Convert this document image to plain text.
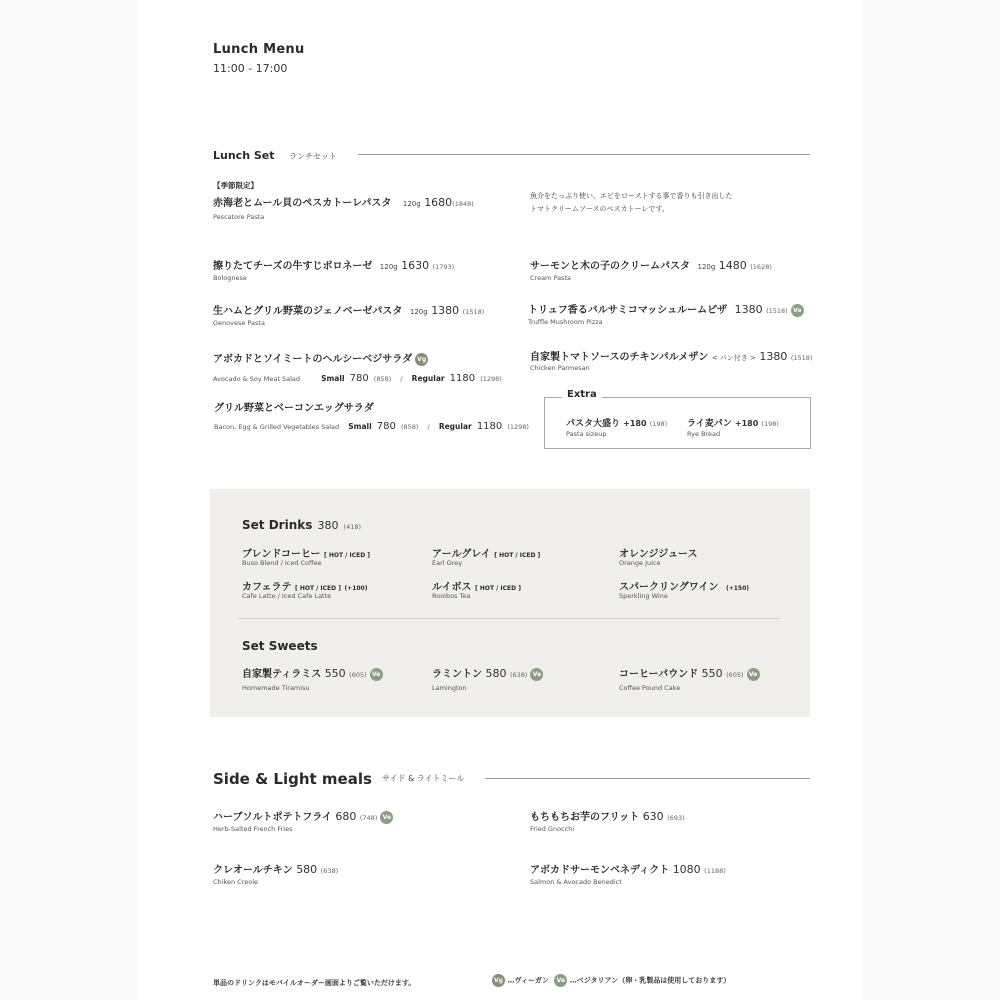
Lunch Menu
11:00 - 17:00
Lunch Set ランチセット
【季節限定】
赤海老とムール貝のペスカトーレパスタ 120g 1680(1848)
Pescatore Pasta
魚介をたっぷり使い、エビをローストする事で香りも引き出した
トマトクリームソースのペスカトーレです。
擦りたてチーズの牛すじボロネーゼ 120g 1630 (1793)
Bolognese
サーモンと木の子のクリームパスタ 120g 1480 (1628)
Cream Pasta
生ハムとグリル野菜のジェノベーゼパスタ 120g 1380 (1518)
Genovese Pasta
トリュフ香るバルサミコマッシュルームピザ 1380 (1518) Ve
Truffle Mushroom Pizza
アボカドとソイミートのヘルシーベジサラダ Vg
Avocado & Soy Meat Salad	Small 780 (858) / Regular 1180 (1298)
自家製トマトソースのチキンパルメザン < パン付き > 1380 (1518)
Chicken Parmesan
グリル野菜とベーコンエッグサラダ
Bacon, Egg & Grilled Vegetables Salad Small 780 (858) / Regular 1180 (1298)
Extra
パスタ大盛り +180 (198)
Pasta sizeup
ライ麦パン +180 (198)
Rye Bread
Set Drinks 380 (418)
ブレンドコーヒー [ HOT / ICED ]
Buso Blend / Iced Coffee
アールグレイ [ HOT / ICED ]
Earl Grey
オレンジジュース
Orange Juice
カフェラテ [ HOT / ICED ] (+100)
Cafe Latte / Iced Cafe Latte
ルイボス [ HOT / ICED ]
Rooibos Tea
スパークリングワイン (+150)
Sperkling Wine
Set Sweets
自家製ティラミス 550 (605) Ve
Homemade Tiramisu
ラミントン 580 (638) Ve
Lamington
コーヒーパウンド 550 (605) Ve
Coffee Pound Cake
Side & Light meals サイド & ライトミール
ハーブソルトポテトフライ 680 (748) Ve
Herb-Salted French Fries
もちもちお芋のフリット 630 (693)
Fried Gnocchi
クレオールチキン 580 (638)
Chiken Creole
アボカドサーモンベネディクト 1080 (1188)
Salmon & Avocado Benedict
単品のドリンクはモバイルオーダー画面よりご覧いただけます。	Vg …ヴィーガン Ve …ベジタリアン（卵・乳製品は使用しております）
